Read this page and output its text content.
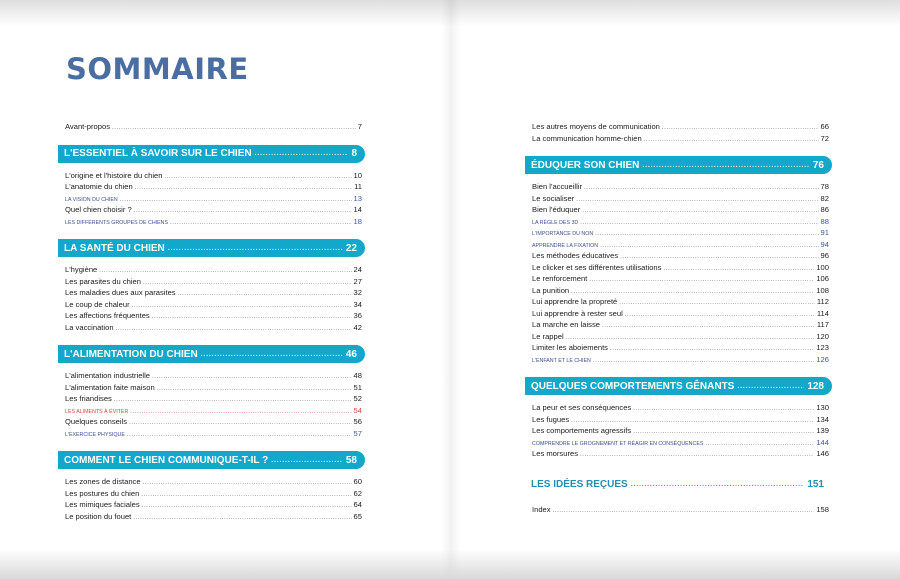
SOMMAIRE
Avant-propos .....	7
L'ESSENTIEL À SAVOIR SUR LE CHIEN .....	8
L'origine et l'histoire du chien .....	10
L'anatomie du chien .....	11
LA VISION DU CHIEN .....	13
Quel chien choisir ? .....	14
LES DIFFÉRENTS GROUPES DE CHIENS .....	18
LA SANTÉ DU CHIEN .....	22
L'hygiène .....	24
Les parasites du chien .....	27
Les maladies dues aux parasites .....	32
Le coup de chaleur .....	34
Les affections fréquentes .....	36
La vaccination .....	42
L'ALIMENTATION DU CHIEN .....	46
L'alimentation industrielle .....	48
L'alimentation faite maison .....	51
Les friandises .....	52
LES ALIMENTS À ÉVITER .....	54
Quelques conseils .....	56
L'EXERCICE PHYSIQUE .....	57
COMMENT LE CHIEN COMMUNIQUE-T-IL ? .....	58
Les zones de distance .....	60
Les postures du chien .....	62
Les mimiques faciales .....	64
Le position du fouet .....	65
Les autres moyens de communication .....	66
La communication homme-chien .....	72
ÉDUQUER SON CHIEN .....	76
Bien l'accueillir .....	78
Le socialiser .....	82
Bien l'éduquer .....	86
LA RÈGLE DES 3D .....	88
L'IMPORTANCE DU NON .....	91
APPRENDRE LA FIXATION .....	94
Les méthodes éducatives .....	96
Le clicker et ses différentes utilisations .....	100
Le renforcement .....	106
La punition .....	108
Lui apprendre la propreté .....	112
Lui apprendre à rester seul .....	114
La marche en laisse .....	117
Le rappel .....	120
Limiter les aboiements .....	123
L'ENFANT ET LE CHIEN .....	126
QUELQUES COMPORTEMENTS GÊNANTS .....	128
La peur et ses conséquences .....	130
Les fugues .....	134
Les comportements agressifs .....	139
COMPRENDRE LE GROGNEMENT ET RÉAGIR EN CONSÉQUENCES .....	144
Les morsures .....	146
LES IDÉES REÇUES .....	151
Index .....	158
